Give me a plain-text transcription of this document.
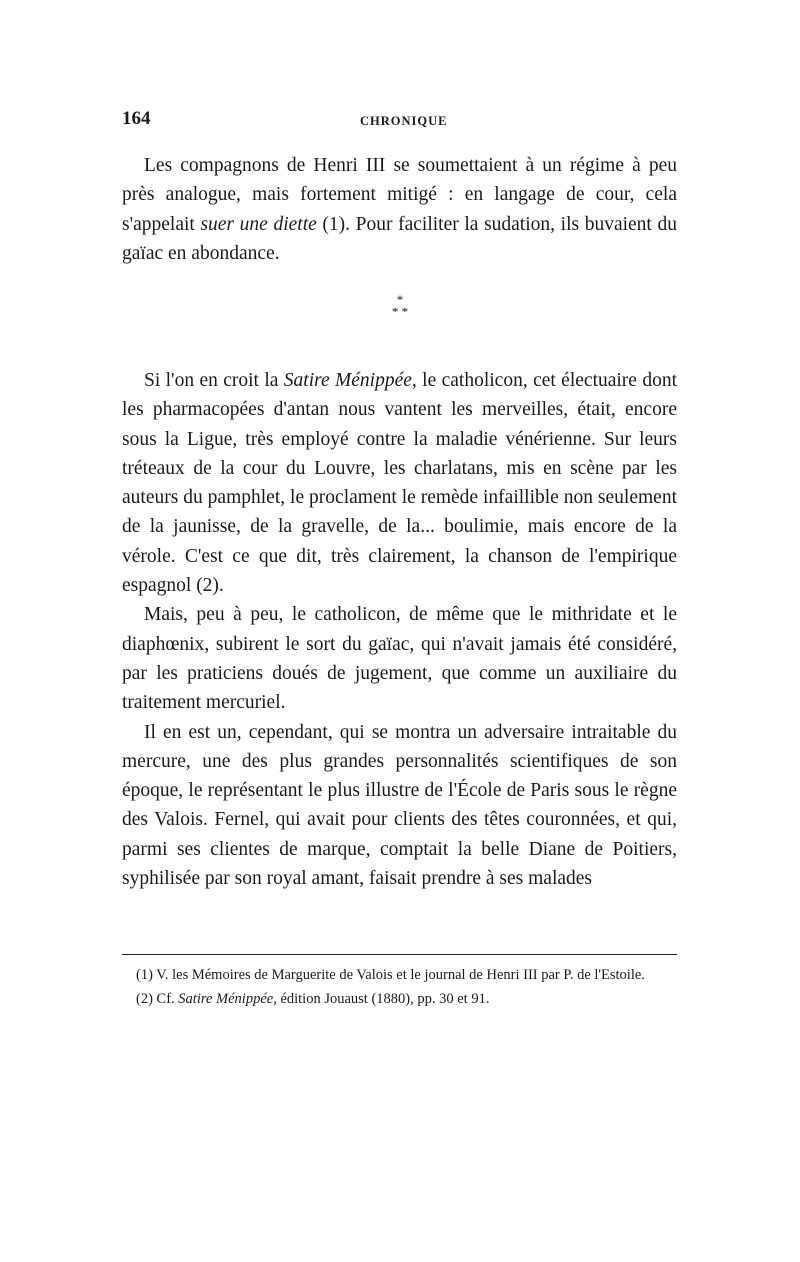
164	CHRONIQUE

Les compagnons de Henri III se soumettaient à un régime à peu près analogue, mais fortement mitigé : en langage de cour, cela s'appelait suer une diette (1). Pour faciliter la sudation, ils buvaient du gaïac en abondance.

*
* *

Si l'on en croit la Satire Ménippée, le catholicon, cet électuaire dont les pharmacopées d'antan nous vantent les merveilles, était, encore sous la Ligue, très employé contre la maladie vénérienne. Sur leurs tréteaux de la cour du Louvre, les charlatans, mis en scène par les auteurs du pamphlet, le proclament le remède infaillible non seulement de la jaunisse, de la gravelle, de la... boulimie, mais encore de la vérole. C'est ce que dit, très clairement, la chanson de l'empirique espagnol (2).

Mais, peu à peu, le catholicon, de même que le mithridate et le diaphœnix, subirent le sort du gaïac, qui n'avait jamais été considéré, par les praticiens doués de jugement, que comme un auxiliaire du traitement mercuriel.

Il en est un, cependant, qui se montra un adversaire intraitable du mercure, une des plus grandes personnalités scientifiques de son époque, le représentant le plus illustre de l'École de Paris sous le règne des Valois. Fernel, qui avait pour clients des têtes couronnées, et qui, parmi ses clientes de marque, comptait la belle Diane de Poitiers, syphilisée par son royal amant, faisait prendre à ses malades

(1) V. les Mémoires de Marguerite de Valois et le journal de Henri III par P. de l'Estoile.

(2) Cf. Satire Ménippée, édition Jouaust (1880), pp. 30 et 91.
